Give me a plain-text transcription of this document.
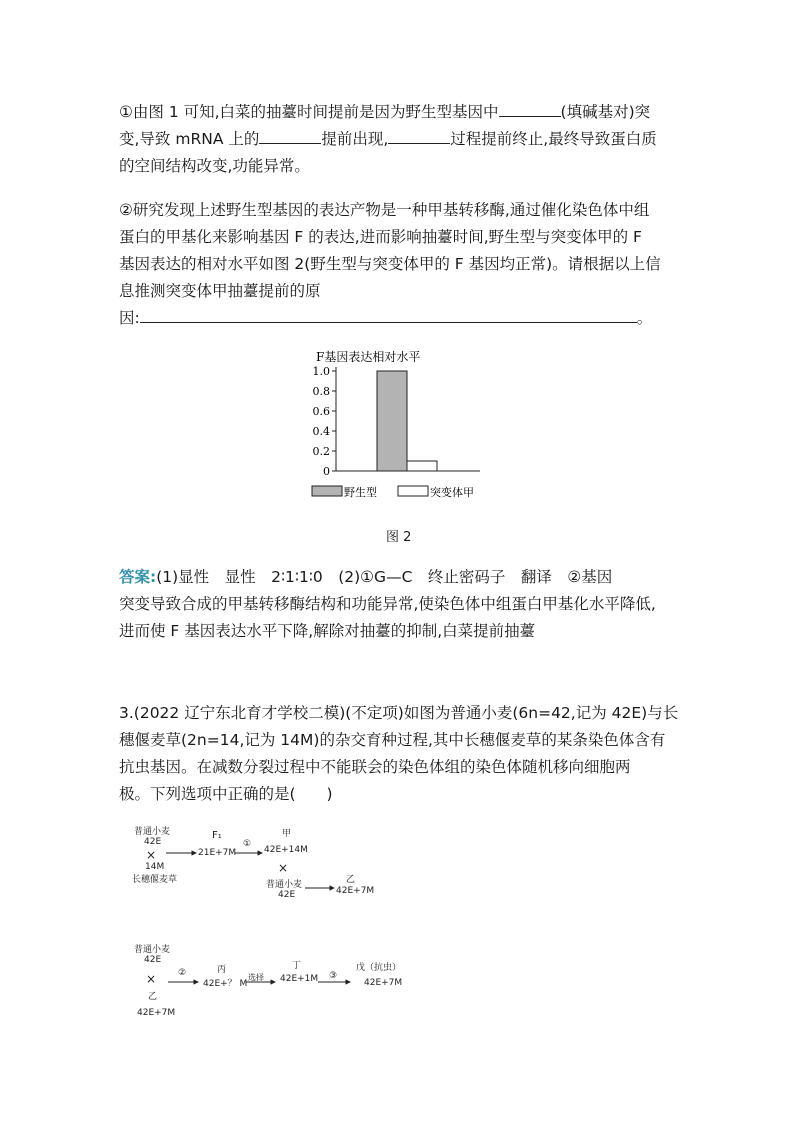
①由图 1 可知,白菜的抽薹时间提前是因为野生型基因中	(填碱基对)突
变,导致 mRNA 上的	提前出现,	过程提前终止,最终导致蛋白质
的空间结构改变,功能异常。
②研究发现上述野生型基因的表达产物是一种甲基转移酶,通过催化染色体中组
蛋白的甲基化来影响基因 F 的表达,进而影响抽薹时间,野生型与突变体甲的 F
基因表达的相对水平如图 2(野生型与突变体甲的 F 基因均正常)。请根据以上信
息推测突变体甲抽薹提前的原
因:	。
F基因表达相对水平
1.0
0.8
0.6
0.4
0.2
0
野生型	突变体甲
图 2
答案:(1)显性　显性　2∶1∶1∶0　(2)①G—C　终止密码子　翻译　②基因
突变导致合成的甲基转移酶结构和功能异常,使染色体中组蛋白甲基化水平降低,
进而使 F 基因表达水平下降,解除对抽薹的抑制,白菜提前抽薹
3.(2022 辽宁东北育才学校二模)(不定项)如图为普通小麦(6n=42,记为 42E)与长
穗偃麦草(2n=14,记为 14M)的杂交育种过程,其中长穗偃麦草的某条染色体含有
抗虫基因。在减数分裂过程中不能联会的染色体组的染色体随机移向细胞两
极。下列选项中正确的是(　　)
普通小麦
42E
×
14M
长穗偃麦草
F₁
21E+7M
甲
42E+14M
①
×
普通小麦
42E
乙
42E+7M
普通小麦
42E
×
乙
42E+7M
②	丙
42E+？ M
选择
丁
42E+1M ③
戊（抗虫）
42E+7M
